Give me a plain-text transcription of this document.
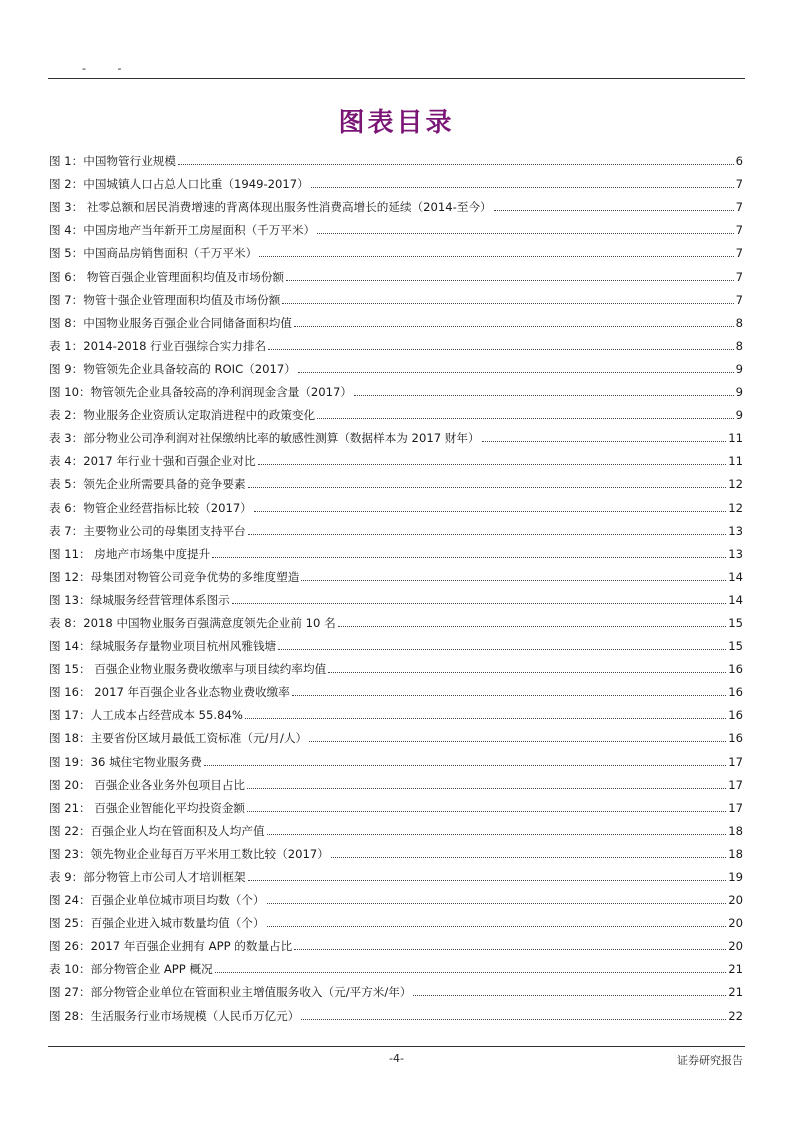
- -
图表目录
图 1：中国物管行业规模	6
图 2：中国城镇人口占总人口比重（1949-2017）	7
图 3： 社零总额和居民消费增速的背离体现出服务性消费高增长的延续（2014-至今）	7
图 4：中国房地产当年新开工房屋面积（千万平米）	7
图 5：中国商品房销售面积（千万平米）	7
图 6： 物管百强企业管理面积均值及市场份额	7
图 7：物管十强企业管理面积均值及市场份额	7
图 8：中国物业服务百强企业合同储备面积均值	8
表 1：2014-2018 行业百强综合实力排名	8
图 9：物管领先企业具备较高的 ROIC（2017）	9
图 10：物管领先企业具备较高的净利润现金含量（2017）	9
表 2：物业服务企业资质认定取消进程中的政策变化	9
表 3：部分物业公司净利润对社保缴纳比率的敏感性测算（数据样本为 2017 财年）	11
表 4：2017 年行业十强和百强企业对比	11
表 5：领先企业所需要具备的竞争要素	12
表 6：物管企业经营指标比较（2017）	12
表 7：主要物业公司的母集团支持平台	13
图 11： 房地产市场集中度提升	13
图 12：母集团对物管公司竞争优势的多维度塑造	14
图 13：绿城服务经营管理体系图示	14
表 8：2018 中国物业服务百强满意度领先企业前 10 名	15
图 14：绿城服务存量物业项目杭州风雅钱塘	15
图 15： 百强企业物业服务费收缴率与项目续约率均值	16
图 16： 2017 年百强企业各业态物业费收缴率	16
图 17：人工成本占经营成本 55.84%	16
图 18：主要省份区域月最低工资标准（元/月/人）	16
图 19：36 城住宅物业服务费	17
图 20： 百强企业各业务外包项目占比	17
图 21： 百强企业智能化平均投资金额	17
图 22：百强企业人均在管面积及人均产值	18
图 23：领先物业企业每百万平米用工数比较（2017）	18
表 9：部分物管上市公司人才培训框架	19
图 24：百强企业单位城市项目均数（个）	20
图 25：百强企业进入城市数量均值（个）	20
图 26：2017 年百强企业拥有 APP 的数量占比	20
表 10：部分物管企业 APP 概况	21
图 27：部分物管企业单位在管面积业主增值服务收入（元/平方米/年）	21
图 28：生活服务行业市场规模（人民币万亿元）	22
-4-	证券研究报告
